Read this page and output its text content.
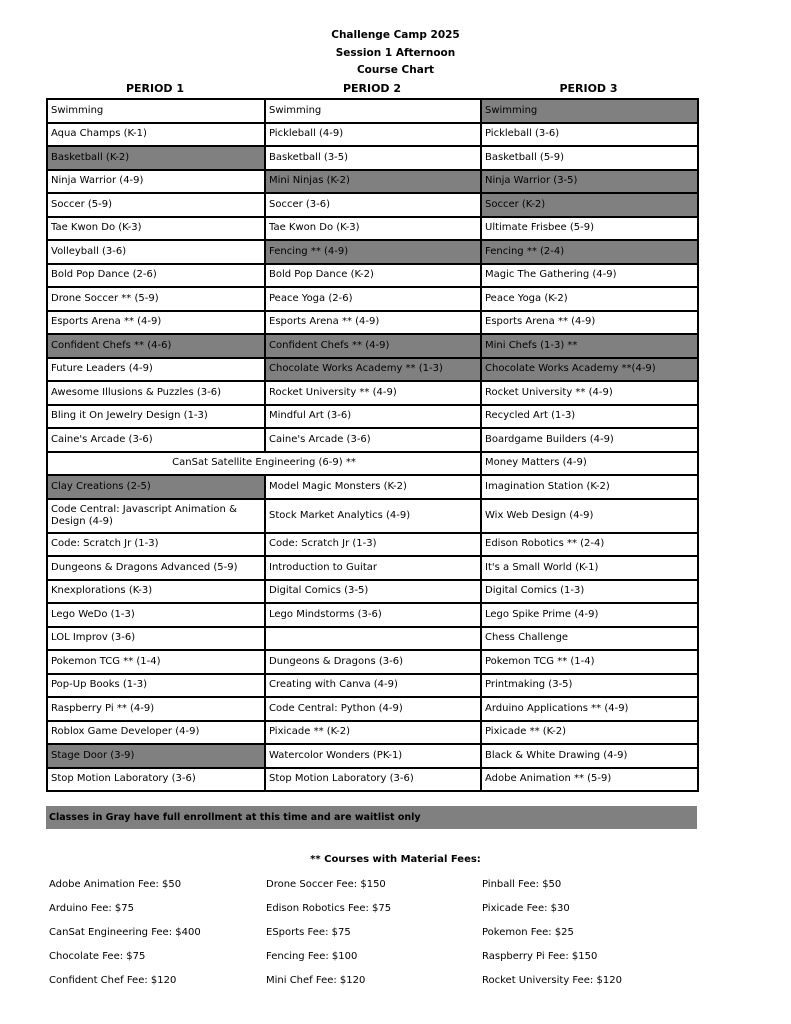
Challenge Camp 2025
Session 1 Afternoon
Course Chart
PERIOD 1	PERIOD 2	PERIOD 3
Swimming	Swimming	Swimming
Aqua Champs (K-1)	Pickleball (4-9)	Pickleball (3-6)
Basketball (K-2)	Basketball (3-5)	Basketball (5-9)
Ninja Warrior (4-9)	Mini Ninjas (K-2)	Ninja Warrior (3-5)
Soccer (5-9)	Soccer (3-6)	Soccer (K-2)
Tae Kwon Do (K-3)	Tae Kwon Do (K-3)	Ultimate Frisbee (5-9)
Volleyball (3-6)	Fencing ** (4-9)	Fencing ** (2-4)
Bold Pop Dance (2-6)	Bold Pop Dance (K-2)	Magic The Gathering (4-9)
Drone Soccer ** (5-9)	Peace Yoga (2-6)	Peace Yoga (K-2)
Esports Arena ** (4-9)	Esports Arena ** (4-9)	Esports Arena ** (4-9)
Confident Chefs ** (4-6)	Confident Chefs ** (4-9)	Mini Chefs (1-3) **
Future Leaders (4-9)	Chocolate Works Academy ** (1-3)	Chocolate Works Academy **(4-9)
Awesome Illusions & Puzzles (3-6)	Rocket University ** (4-9)	Rocket University ** (4-9)
Bling it On Jewelry Design (1-3)	Mindful Art (3-6)	Recycled Art (1-3)
Caine's Arcade (3-6)	Caine's Arcade (3-6)	Boardgame Builders (4-9)
CanSat Satellite Engineering (6-9) **		Money Matters (4-9)
Clay Creations (2-5)	Model Magic Monsters (K-2)	Imagination Station (K-2)
Code Central: Javascript Animation & Design (4-9)	Stock Market Analytics (4-9)	Wix Web Design (4-9)
Code: Scratch Jr (1-3)	Code: Scratch Jr (1-3)	Edison Robotics ** (2-4)
Dungeons & Dragons Advanced (5-9)	Introduction to Guitar	It's a Small World (K-1)
Knexplorations (K-3)	Digital Comics (3-5)	Digital Comics (1-3)
Lego WeDo (1-3)	Lego Mindstorms (3-6)	Lego Spike Prime (4-9)
LOL Improv (3-6)		Chess Challenge
Pokemon TCG ** (1-4)	Dungeons & Dragons (3-6)	Pokemon TCG ** (1-4)
Pop-Up Books (1-3)	Creating with Canva (4-9)	Printmaking (3-5)
Raspberry Pi ** (4-9)	Code Central: Python (4-9)	Arduino Applications ** (4-9)
Roblox Game Developer (4-9)	Pixicade ** (K-2)	Pixicade ** (K-2)
Stage Door (3-9)	Watercolor Wonders (PK-1)	Black & White Drawing (4-9)
Stop Motion Laboratory (3-6)	Stop Motion Laboratory (3-6)	Adobe Animation ** (5-9)
Classes in Gray have full enrollment at this time and are waitlist only
** Courses with Material Fees:
Adobe Animation Fee: $50
Arduino Fee: $75
CanSat Engineering Fee: $400
Chocolate Fee: $75
Confident Chef Fee: $120
Drone Soccer Fee: $150
Edison Robotics Fee: $75
ESports Fee: $75
Fencing Fee: $100
Mini Chef Fee: $120
Pinball Fee: $50
Pixicade Fee: $30
Pokemon Fee: $25
Raspberry Pi Fee: $150
Rocket University Fee: $120
